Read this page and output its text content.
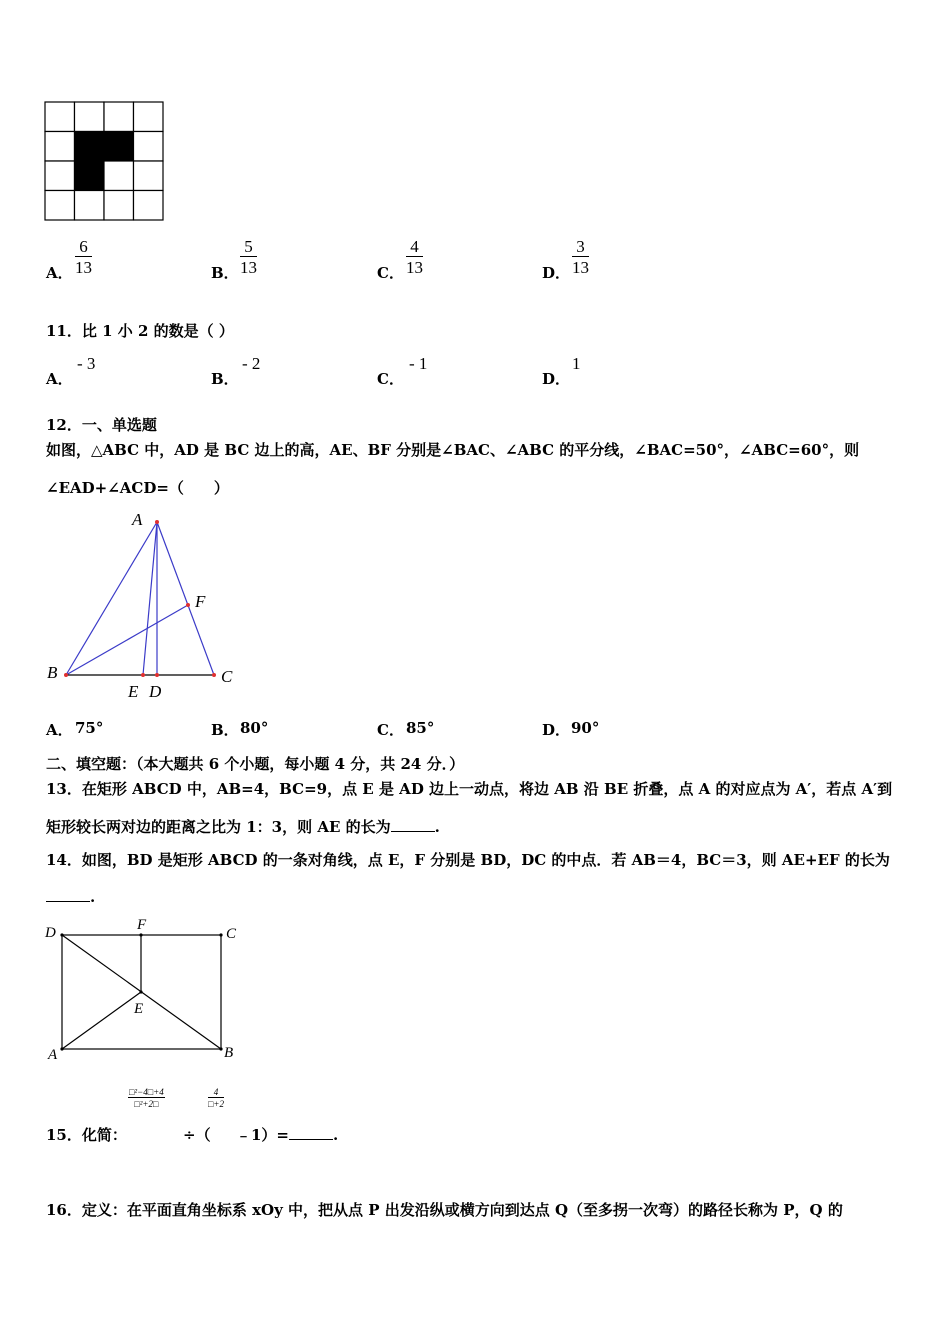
A． $\frac{6}{13}$	B． $\frac{5}{13}$	C． $\frac{4}{13}$	D． $\frac{3}{13}$
11．比 1 小 2 的数是（ ）
A．
- 3
B．
- 2
C．
- 1
D．
1
12．一、单选题
如图，△ABC 中，AD 是 BC 边上的高，AE、BF 分别是∠BAC、∠ABC 的平分线，∠BAC=50°，∠ABC=60°，则
∠EAD+∠ACD=（　　）
A
B	C
D
E
F
A． 75°	B． 80°	C． 85°	D． 90°
二、填空题：（本大题共 6 个小题，每小题 4 分，共 24 分．）
13．在矩形 ABCD 中，AB=4，BC=9，点 E 是 AD 边上一动点，将边 AB 沿 BE 折叠，点 A 的对应点为 A′，若点 A′到
矩形较长两对边的距离之比为 1：3，则 AE 的长为	.
14．如图，BD 是矩形 ABCD 的一条对角线，点 E，F 分别是 BD，DC 的中点．若 AB＝4，BC＝3，则 AE+EF 的长为
.
D	C
F
E
A	B
$\frac{\text{□²−4□+4}}{\text{□²+2□}}$	$\frac{4}{□+2}$
15．化简：	÷（ ﹣1）=	.
16．定义：在平面直角坐标系 xOy 中，把从点 P 出发沿纵或横方向到达点 Q（至多拐一次弯）的路径长称为 P，Q 的
